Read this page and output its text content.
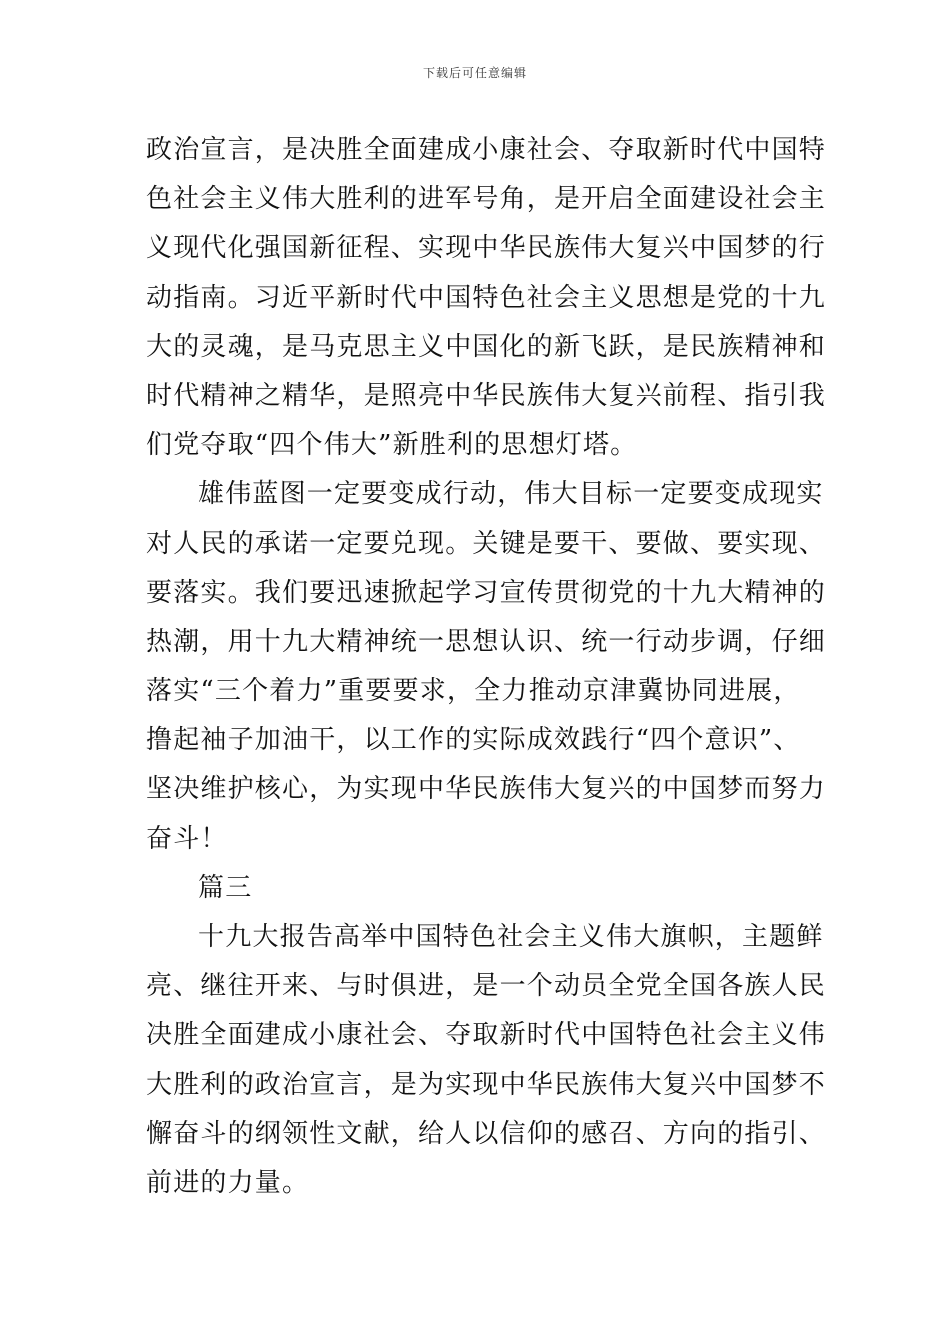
下载后可任意编辑
政治宣言，是决胜全面建成小康社会、夺取新时代中国特
色社会主义伟大胜利的进军号角，是开启全面建设社会主
义现代化强国新征程、实现中华民族伟大复兴中国梦的行
动指南。习近平新时代中国特色社会主义思想是党的十九
大的灵魂，是马克思主义中国化的新飞跃，是民族精神和
时代精神之精华，是照亮中华民族伟大复兴前程、指引我
们党夺取“四个伟大”新胜利的思想灯塔。
雄伟蓝图一定要变成行动，伟大目标一定要变成现实
对人民的承诺一定要兑现。关键是要干、要做、要实现、
要落实。我们要迅速掀起学习宣传贯彻党的十九大精神的
热潮，用十九大精神统一思想认识、统一行动步调，仔细
落实“三个着力”重要要求，全力推动京津冀协同进展，
撸起袖子加油干，以工作的实际成效践行“四个意识”、
坚决维护核心，为实现中华民族伟大复兴的中国梦而努力
奋斗！
篇三
十九大报告高举中国特色社会主义伟大旗帜，主题鲜
亮、继往开来、与时俱进，是一个动员全党全国各族人民
决胜全面建成小康社会、夺取新时代中国特色社会主义伟
大胜利的政治宣言，是为实现中华民族伟大复兴中国梦不
懈奋斗的纲领性文献，给人以信仰的感召、方向的指引、
前进的力量。
